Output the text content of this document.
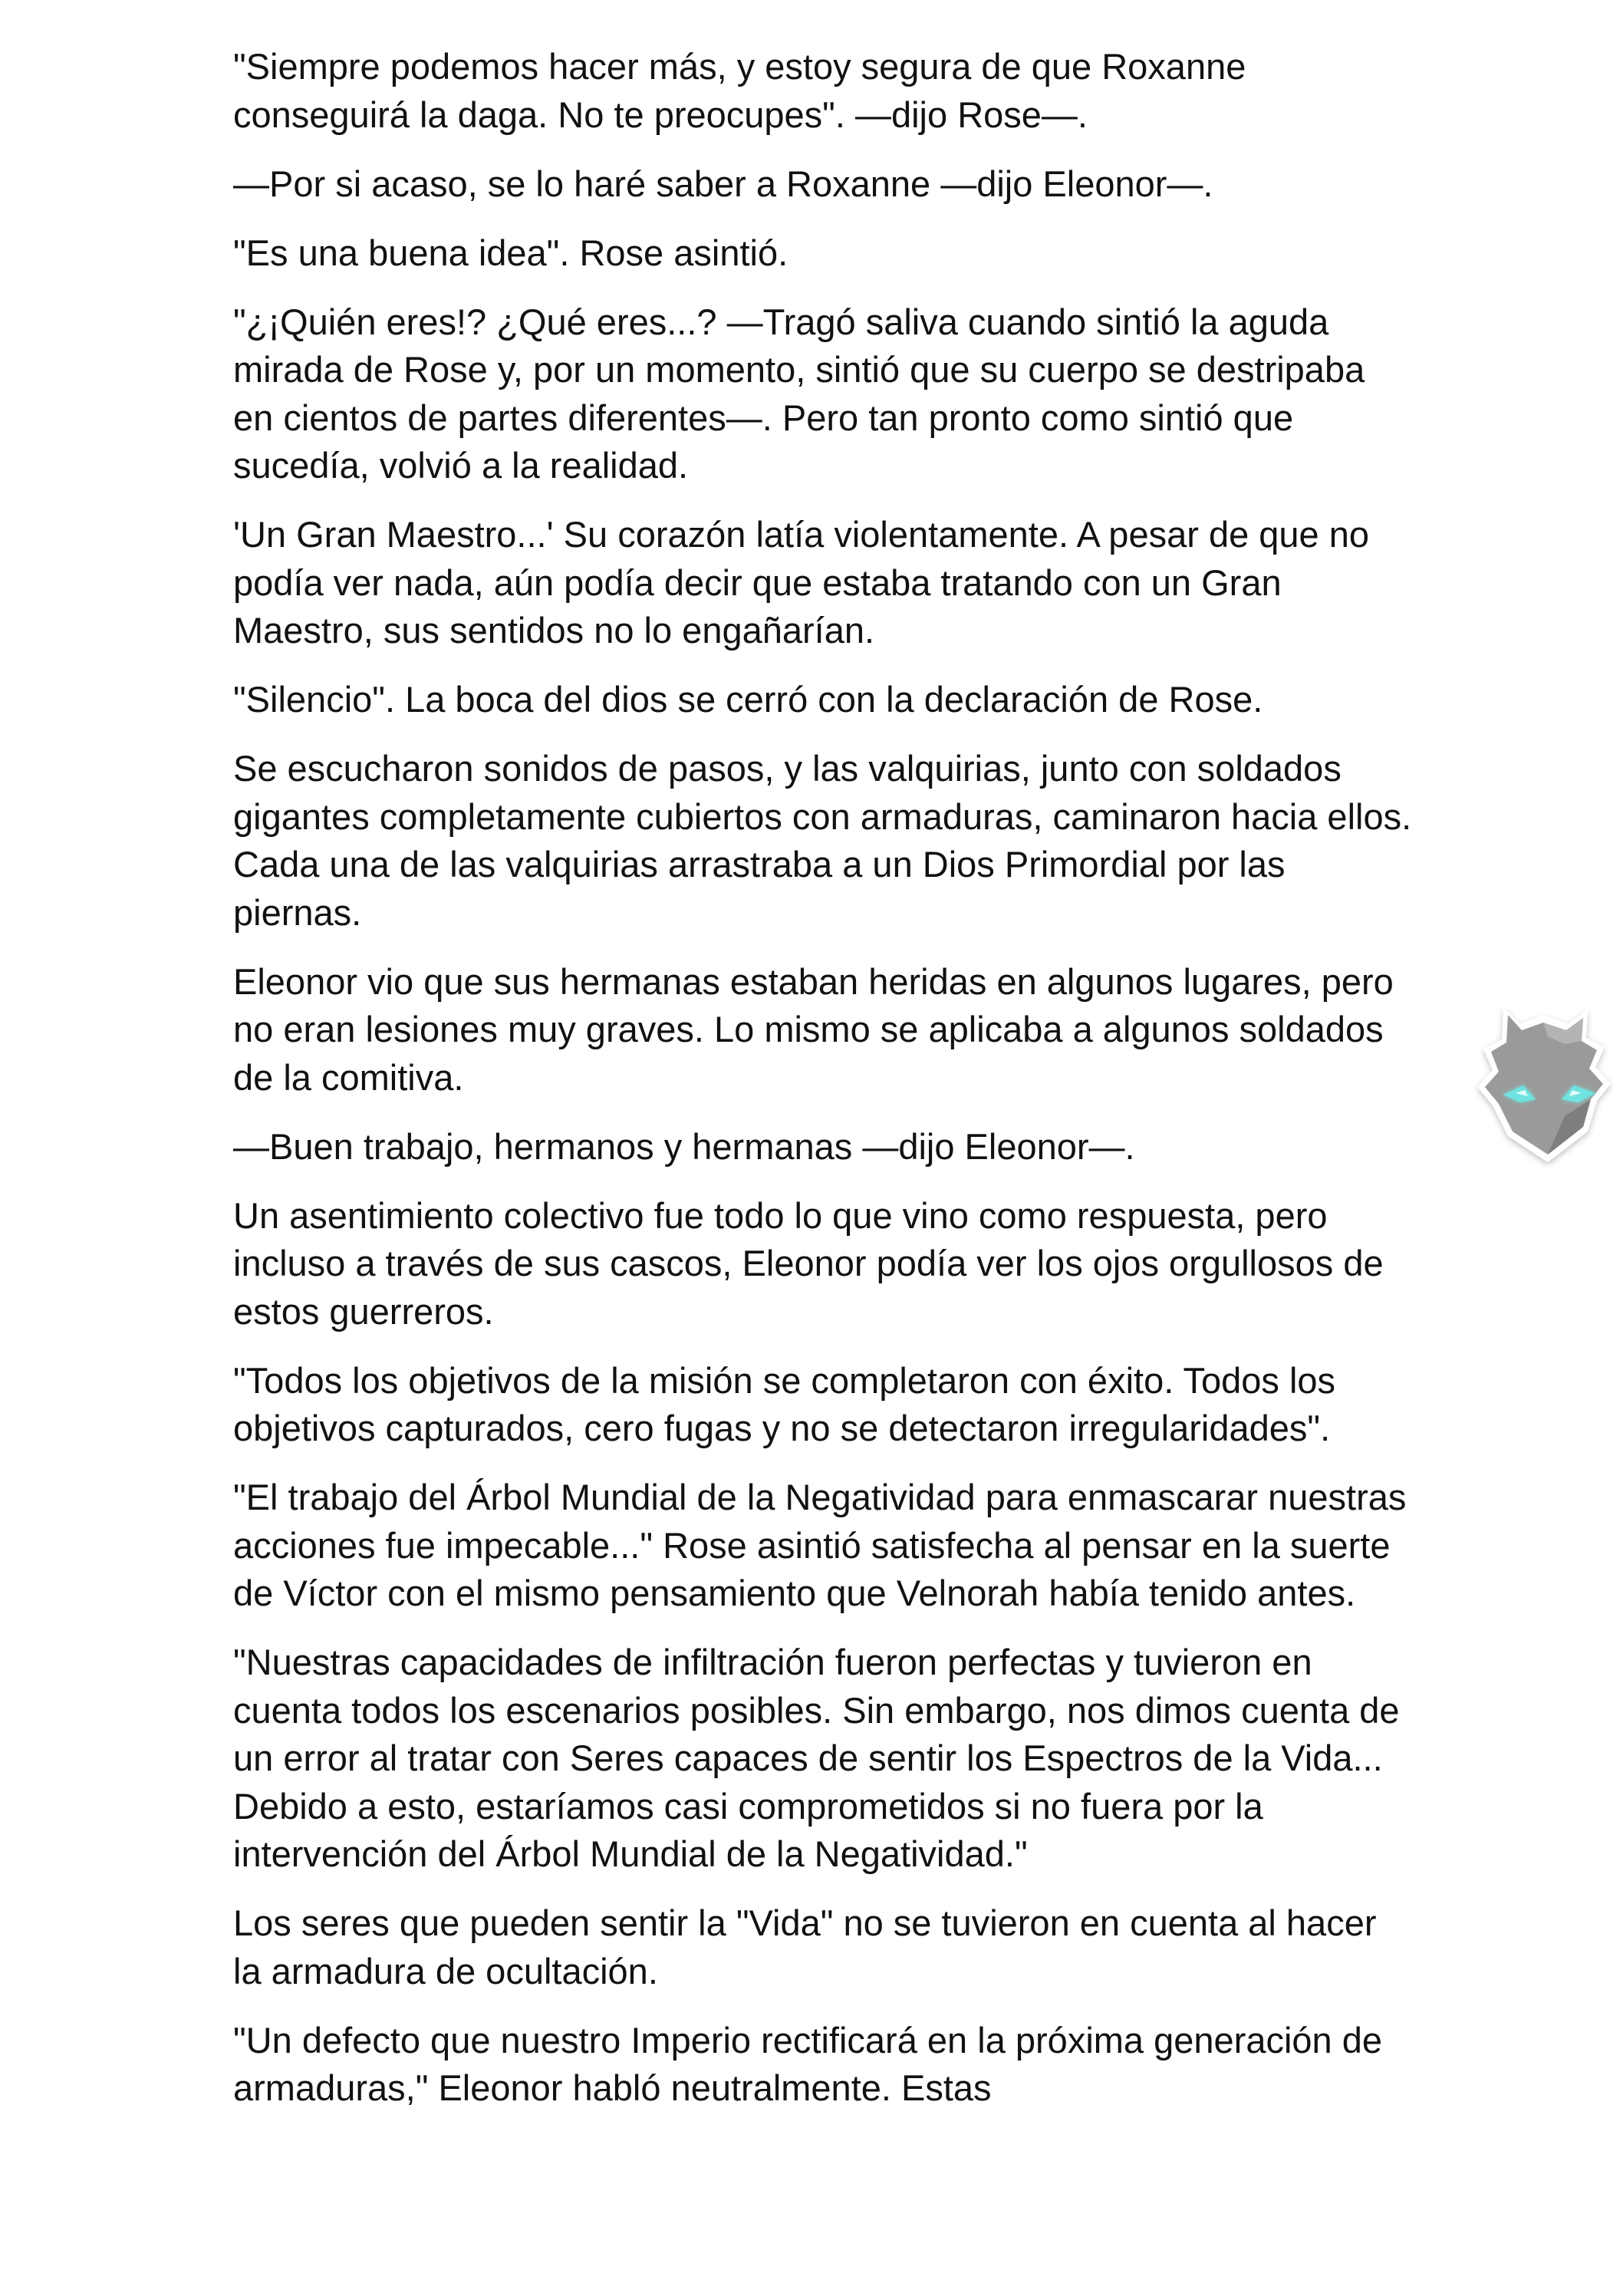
"Siempre podemos hacer más, y estoy segura de que Roxanne conseguirá la daga. No te preocupes". —dijo Rose—.

—Por si acaso, se lo haré saber a Roxanne —dijo Eleonor—.

"Es una buena idea". Rose asintió.

"¿¡Quién eres!? ¿Qué eres...? —Tragó saliva cuando sintió la aguda mirada de Rose y, por un momento, sintió que su cuerpo se destripaba en cientos de partes diferentes—. Pero tan pronto como sintió que sucedía, volvió a la realidad.

'Un Gran Maestro...' Su corazón latía violentamente. A pesar de que no podía ver nada, aún podía decir que estaba tratando con un Gran Maestro, sus sentidos no lo engañarían.

"Silencio". La boca del dios se cerró con la declaración de Rose.

Se escucharon sonidos de pasos, y las valquirias, junto con soldados gigantes completamente cubiertos con armaduras, caminaron hacia ellos. Cada una de las valquirias arrastraba a un Dios Primordial por las piernas.

Eleonor vio que sus hermanas estaban heridas en algunos lugares, pero no eran lesiones muy graves. Lo mismo se aplicaba a algunos soldados de la comitiva.

—Buen trabajo, hermanos y hermanas —dijo Eleonor—.

Un asentimiento colectivo fue todo lo que vino como respuesta, pero incluso a través de sus cascos, Eleonor podía ver los ojos orgullosos de estos guerreros.

"Todos los objetivos de la misión se completaron con éxito. Todos los objetivos capturados, cero fugas y no se detectaron irregularidades".

"El trabajo del Árbol Mundial de la Negatividad para enmascarar nuestras acciones fue impecable..." Rose asintió satisfecha al pensar en la suerte de Víctor con el mismo pensamiento que Velnorah había tenido antes.

"Nuestras capacidades de infiltración fueron perfectas y tuvieron en cuenta todos los escenarios posibles. Sin embargo, nos dimos cuenta de un error al tratar con Seres capaces de sentir los Espectros de la Vida... Debido a esto, estaríamos casi comprometidos si no fuera por la intervención del Árbol Mundial de la Negatividad."

Los seres que pueden sentir la "Vida" no se tuvieron en cuenta al hacer la armadura de ocultación.

"Un defecto que nuestro Imperio rectificará en la próxima generación de armaduras," Eleonor habló neutralmente. Estas
